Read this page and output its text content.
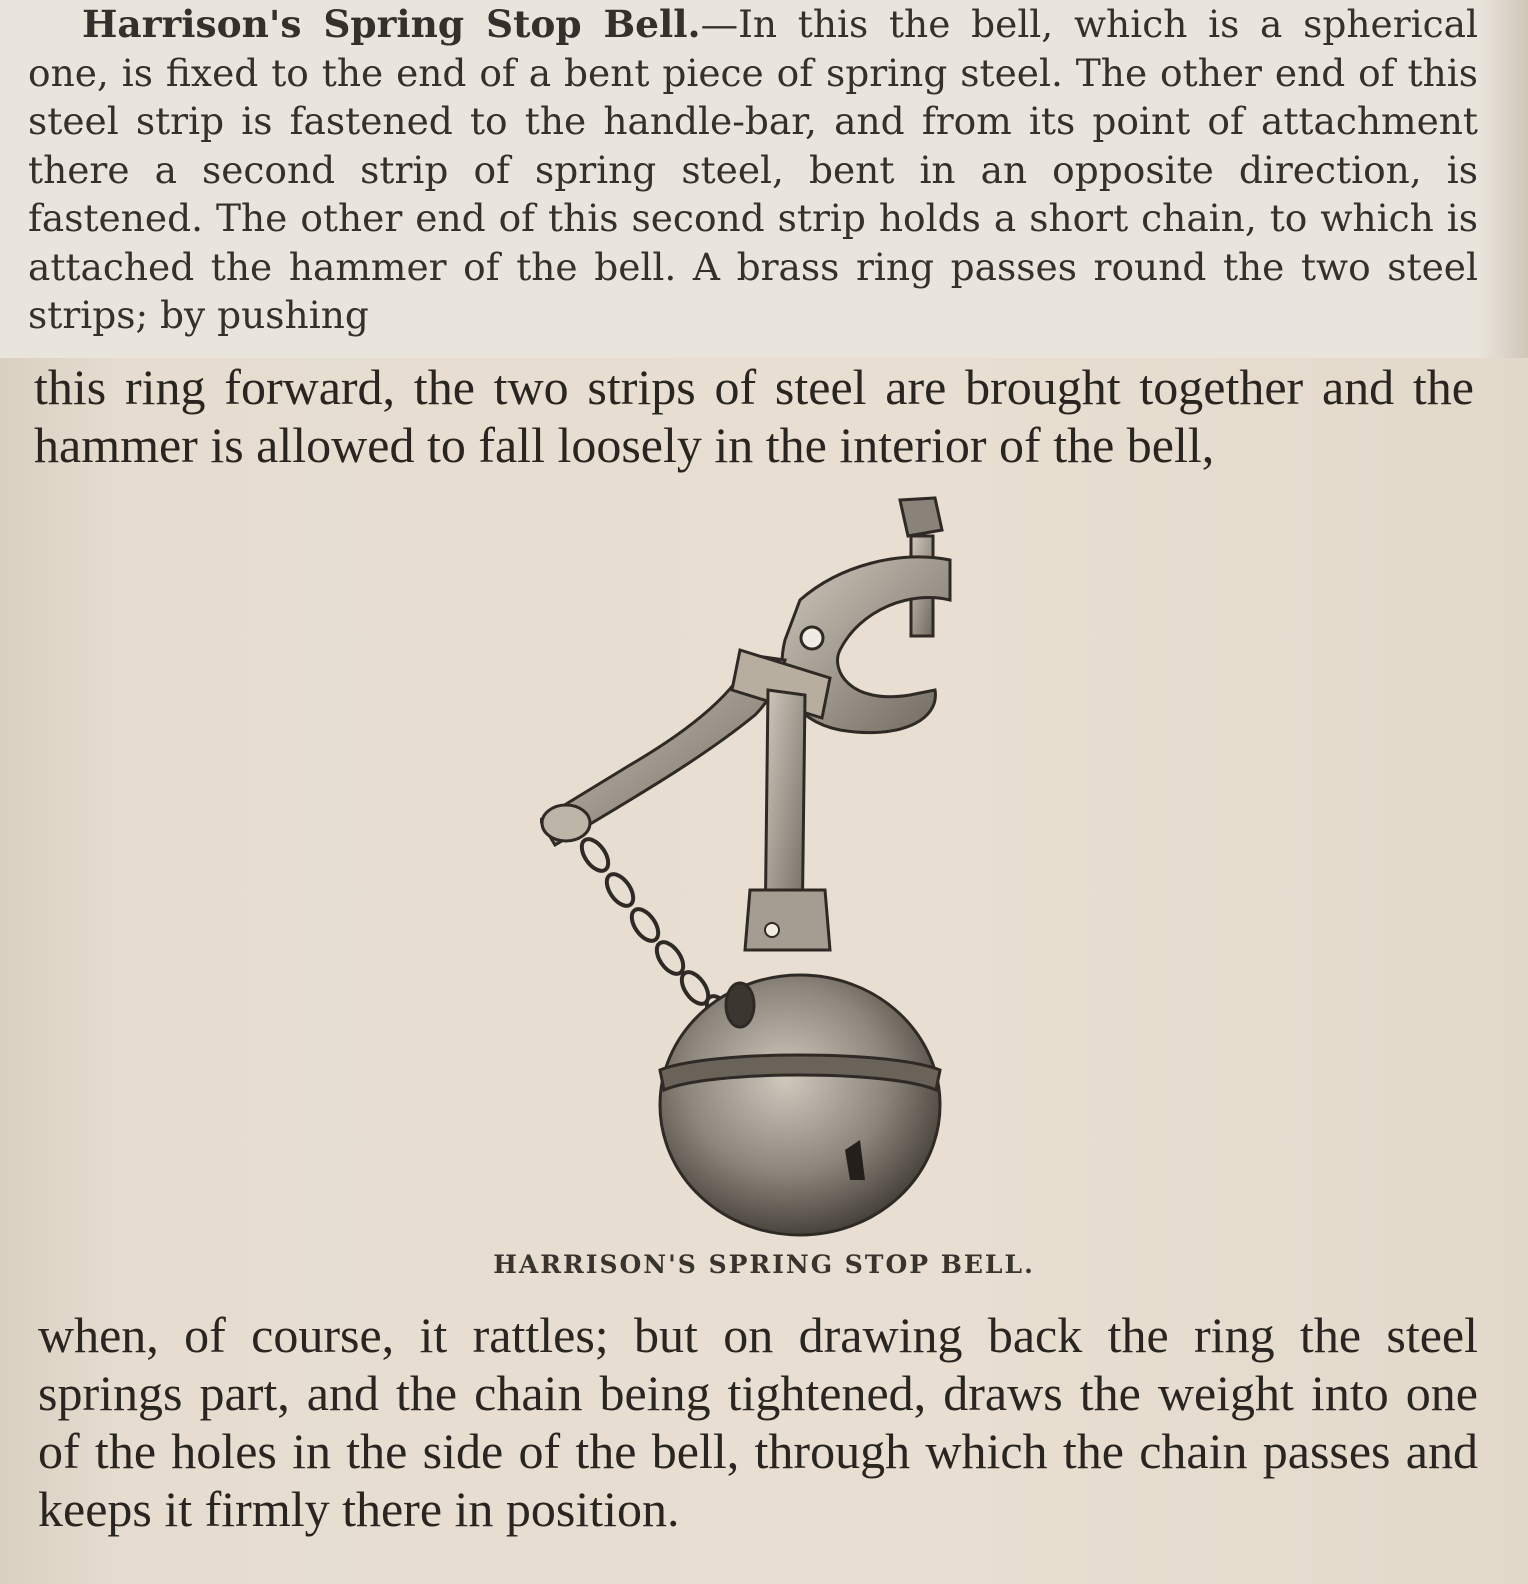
Harrison's Spring Stop Bell.—In this the bell, which is a spherical one, is fixed to the end of a bent piece of spring steel. The other end of this steel strip is fastened to the handle-bar, and from its point of attachment there a second strip of spring steel, bent in an opposite direction, is fastened. The other end of this second strip holds a short chain, to which is attached the hammer of the bell. A brass ring passes round the two steel strips; by pushing

this ring forward, the two strips of steel are brought together and the hammer is allowed to fall loosely in the interior of the bell,

HARRISON'S SPRING STOP BELL.

when, of course, it rattles; but on drawing back the ring the steel springs part, and the chain being tightened, draws the weight into one of the holes in the side of the bell, through which the chain passes and keeps it firmly there in position.
